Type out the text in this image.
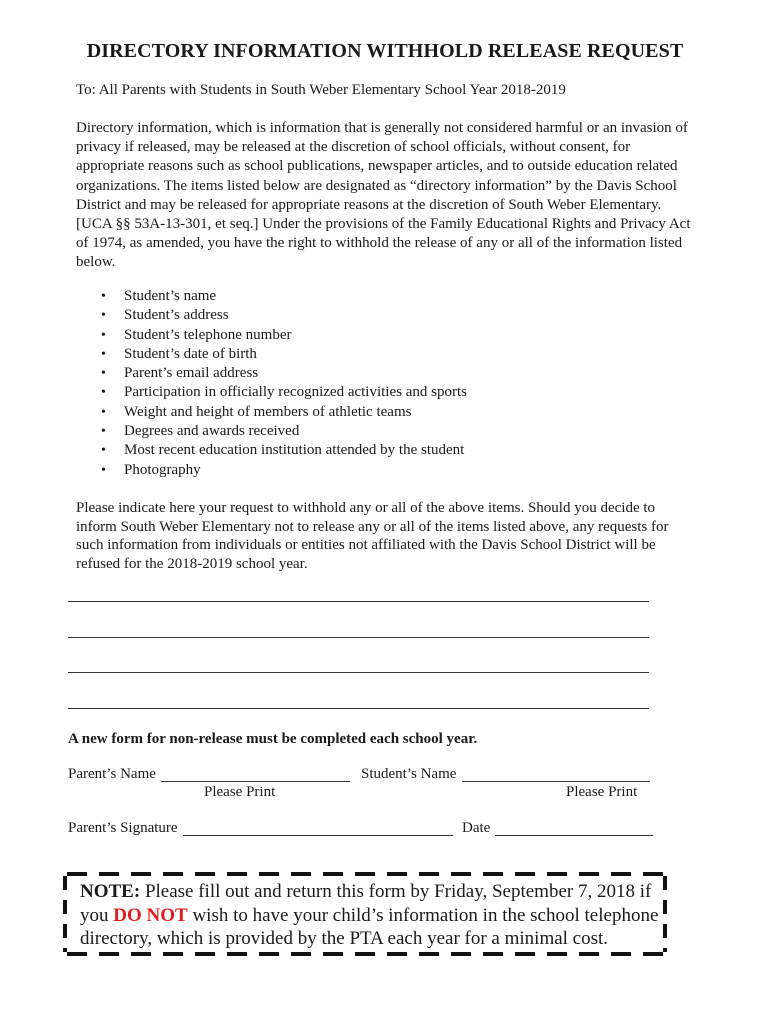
DIRECTORY INFORMATION WITHHOLD RELEASE REQUEST
To: All Parents with Students in South Weber Elementary School Year 2018-2019

Directory information, which is information that is generally not considered harmful or an invasion of privacy if released, may be released at the discretion of school officials, without consent, for appropriate reasons such as school publications, newspaper articles, and to outside education related organizations. The items listed below are designated as “directory information” by the Davis School District and may be released for appropriate reasons at the discretion of South Weber Elementary. [UCA §§ 53A-13-301, et seq.] Under the provisions of the Family Educational Rights and Privacy Act of 1974, as amended, you have the right to withhold the release of any or all of the information listed below.

• Student’s name
• Student’s address
• Student’s telephone number
• Student’s date of birth
• Parent’s email address
• Participation in officially recognized activities and sports
• Weight and height of members of athletic teams
• Degrees and awards received
• Most recent education institution attended by the student
• Photography

Please indicate here your request to withhold any or all of the above items. Should you decide to inform South Weber Elementary not to release any or all of the items listed above, any requests for such information from individuals or entities not affiliated with the Davis School District will be refused for the 2018-2019 school year.

A new form for non-release must be completed each school year.
Parent’s Name	Student’s Name
Please Print	Please Print
Parent’s Signature	Date
NOTE: Please fill out and return this form by Friday, September 7, 2018 if you DO NOT wish to have your child’s information in the school telephone directory, which is provided by the PTA each year for a minimal cost.
